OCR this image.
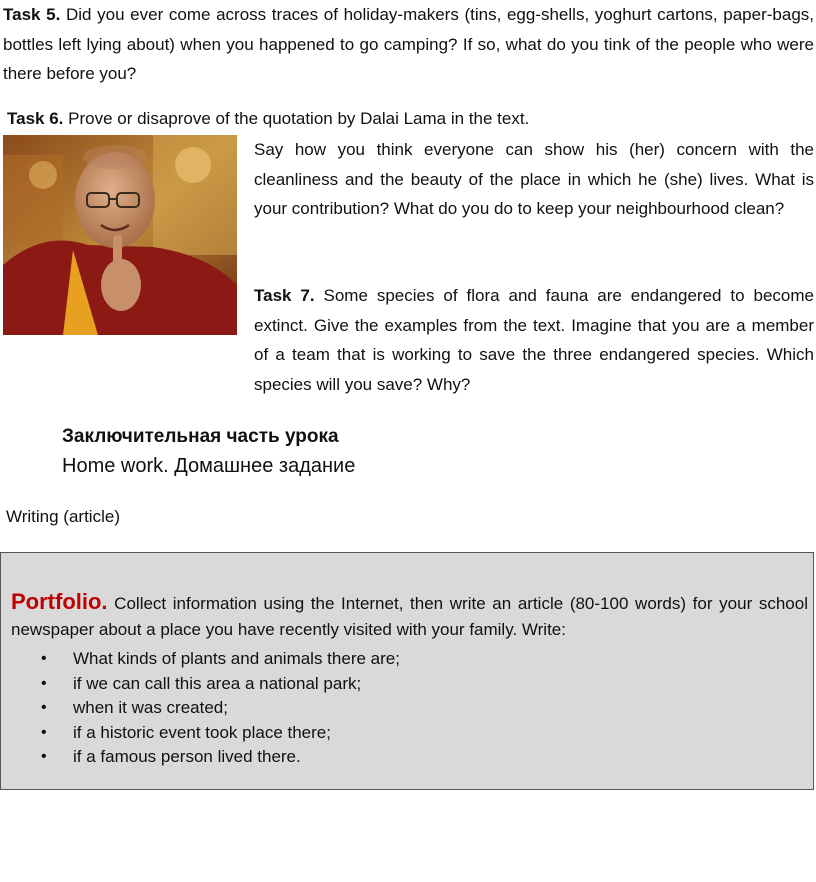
Task 5. Did you ever come across traces of holiday-makers (tins, egg-shells, yoghurt cartons, paper-bags, bottles left lying about) when you happened to go camping? If so, what do you tink of the people who were there before you?
Task 6. Prove or disaprove of the quotation by Dalai Lama in the text.
Say how you think everyone can show his (her) concern with the cleanliness and the beauty of the place in which he (she) lives. What is your contribution? What do you do to keep your neighbourhood clean?
Task 7. Some species of flora and fauna are endangered to become extinct. Give the examples from the text. Imagine that you are a member of a team that is working to save the three endangered species. Which species will you save? Why?
Заключительная часть урока
Home work. Домашнее задание
Writing (article)
Portfolio. Collect information using the Internet, then write an article (80-100 words) for your school newspaper about a place you have recently visited with your family. Write:
• What kinds of plants and animals there are;
• if we can call this area a national park;
• when it was created;
• if a historic event took place there;
• if a famous person lived there.
